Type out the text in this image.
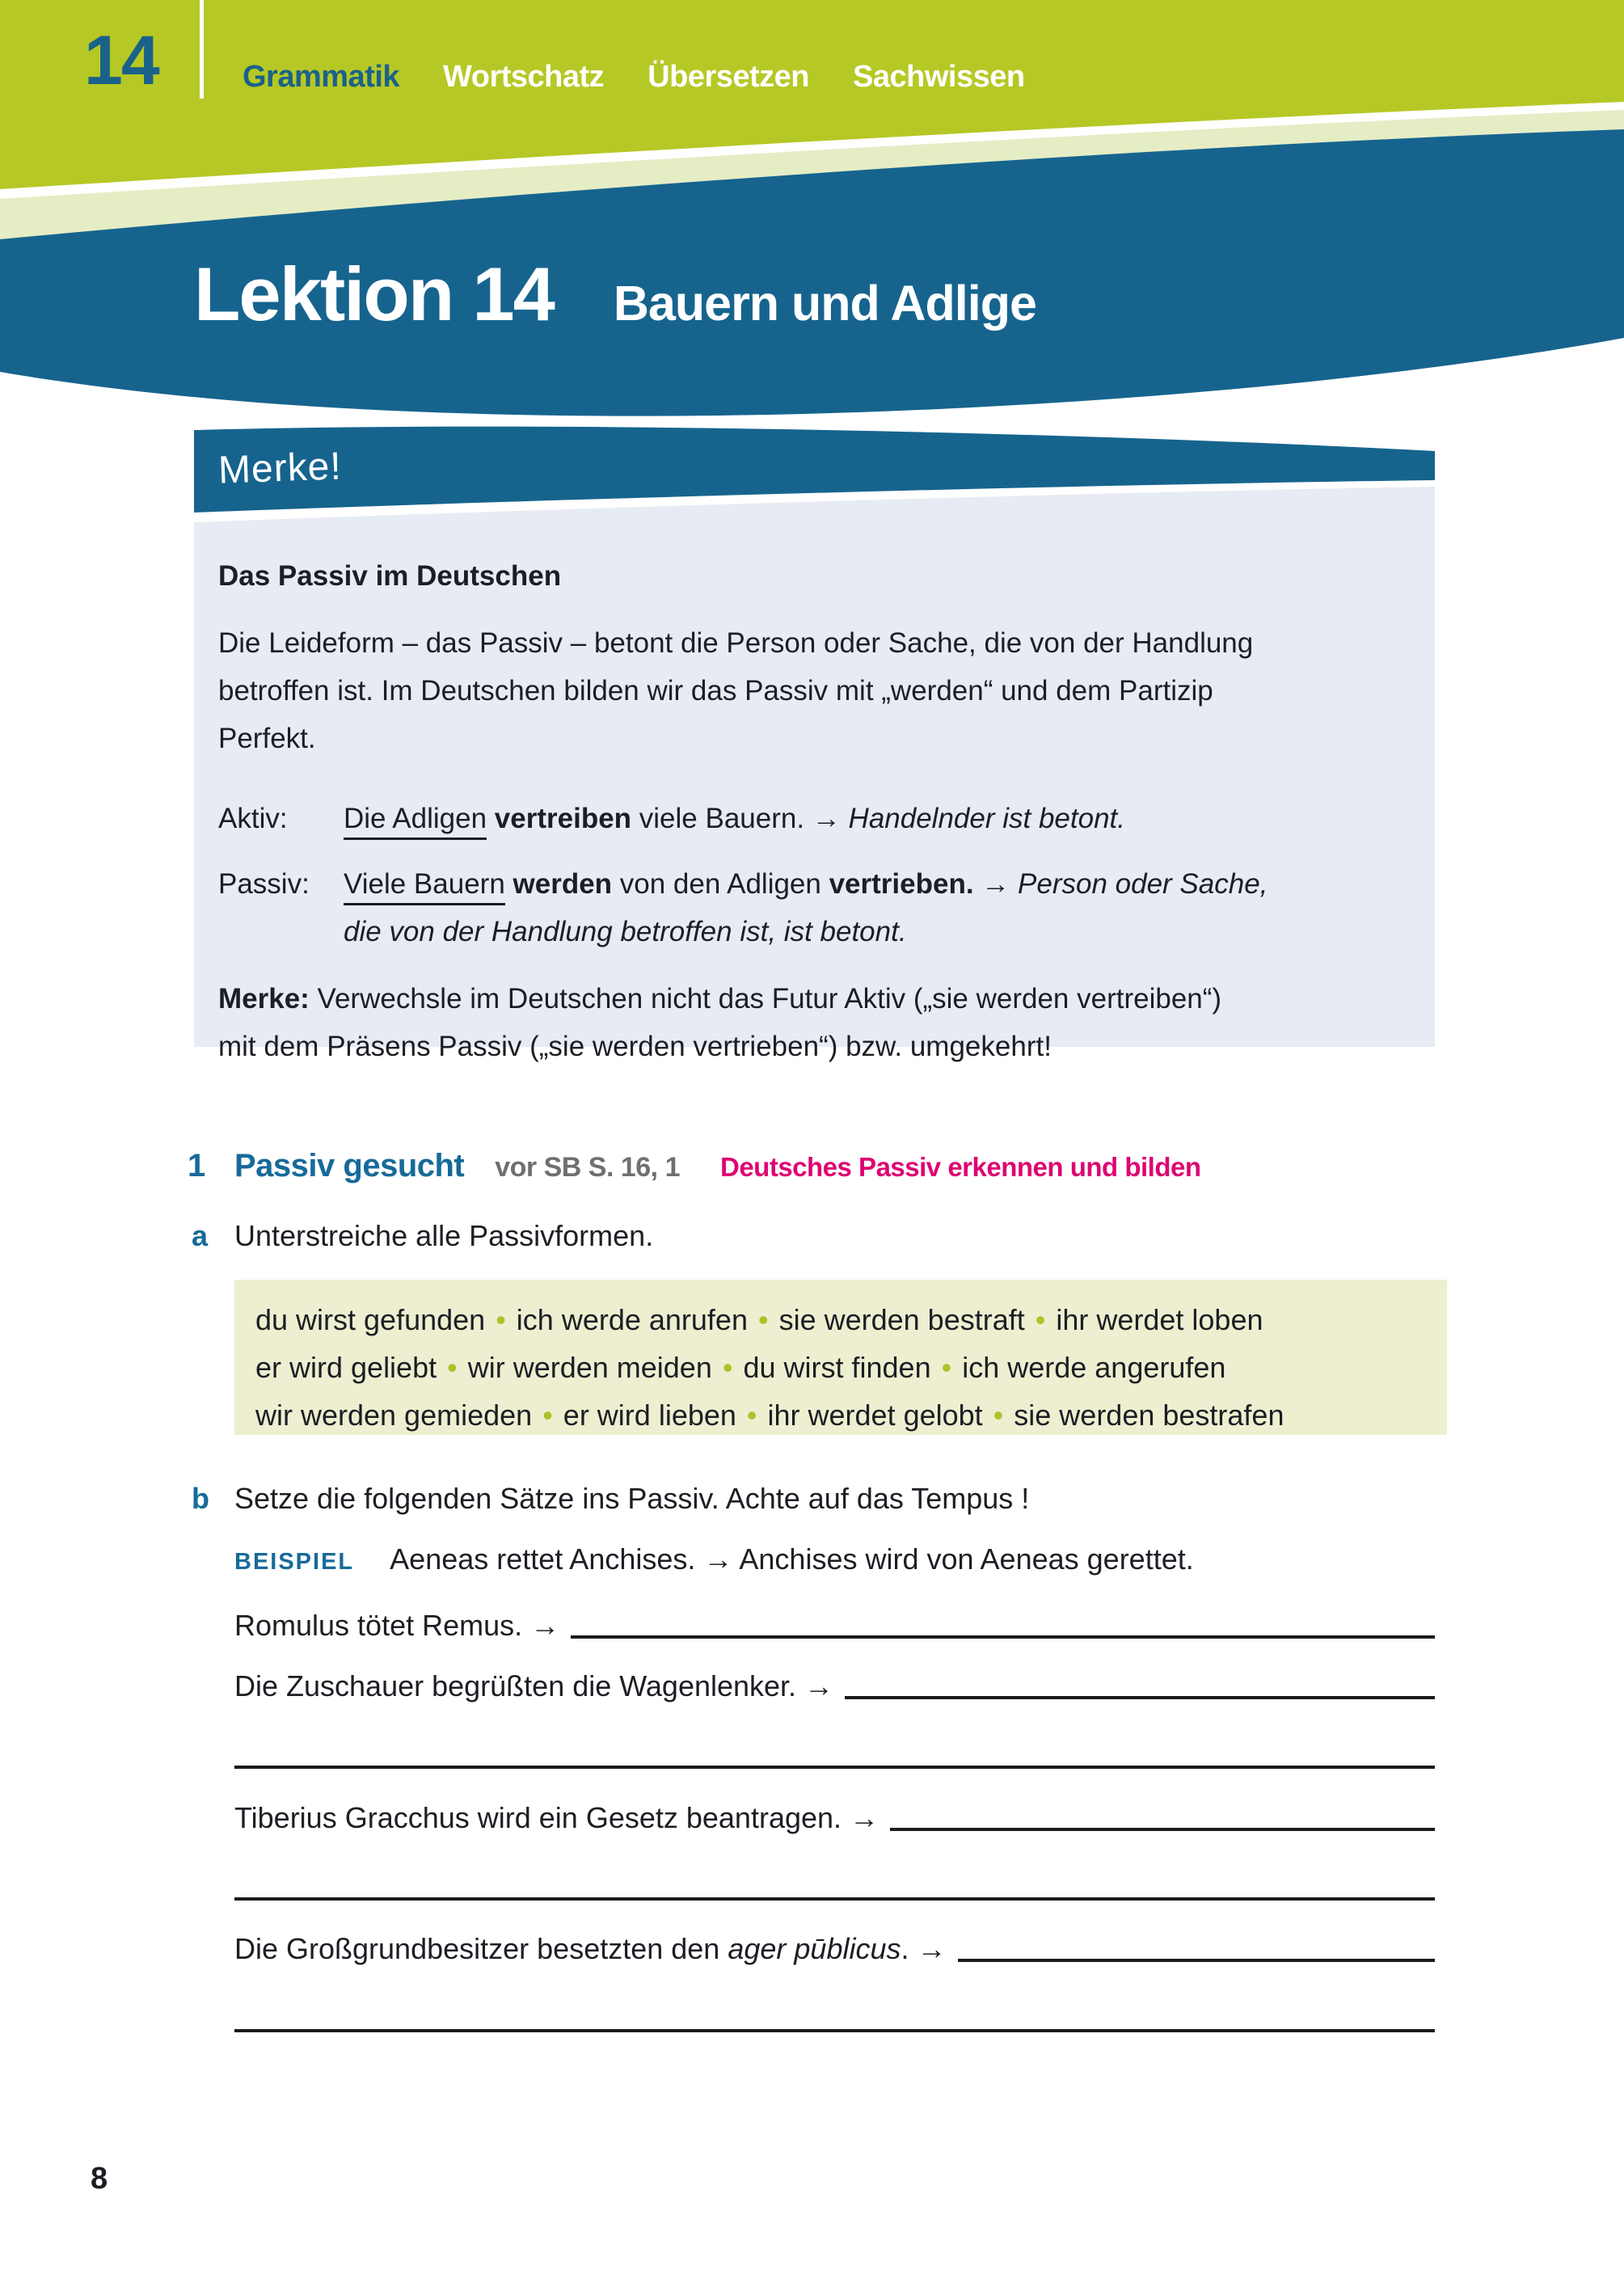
14	Grammatik Wortschatz Übersetzen Sachwissen
Lektion 14 Bauern und Adlige
Merke!
Das Passiv im Deutschen
Die Leideform – das Passiv – betont die Person oder Sache, die von der Handlung
betroffen ist. Im Deutschen bilden wir das Passiv mit „werden“ und dem Partizip
Perfekt.
Aktiv:	Die Adligen vertreiben viele Bauern. → Handelnder ist betont.
Passiv:	Viele Bauern werden von den Adligen vertrieben. → Person oder Sache,
die von der Handlung betroffen ist, ist betont.
Merke: Verwechsle im Deutschen nicht das Futur Aktiv („sie werden vertreiben“)
mit dem Präsens Passiv („sie werden vertrieben“) bzw. umgekehrt!
1 Passiv gesucht vor SB S. 16, 1 Deutsches Passiv erkennen und bilden
a Unterstreiche alle Passivformen.
du wirst gefunden • ich werde anrufen • sie werden bestraft • ihr werdet loben
er wird geliebt • wir werden meiden • du wirst finden • ich werde angerufen
wir werden gemieden • er wird lieben • ihr werdet gelobt • sie werden bestrafen
b Setze die folgenden Sätze ins Passiv. Achte auf das Tempus !
BEISPIEL Aeneas rettet Anchises. → Anchises wird von Aeneas gerettet.
Romulus tötet Remus. →
Die Zuschauer begrüßten die Wagenlenker. →
Tiberius Gracchus wird ein Gesetz beantragen. →
Die Großgrundbesitzer besetzten den ager pūblicus. →
8
